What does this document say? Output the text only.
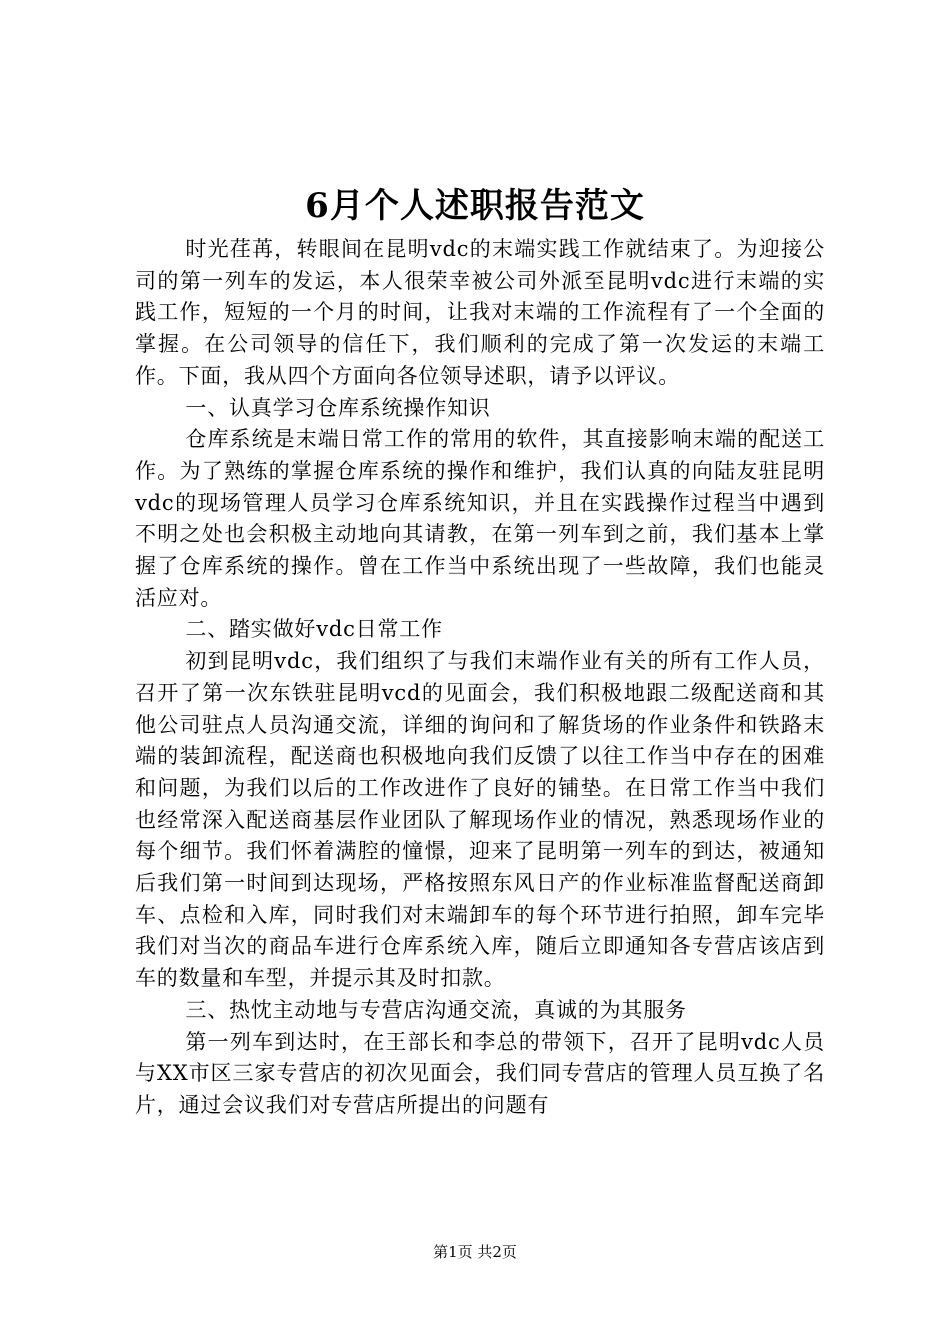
6月个人述职报告范文

时光荏苒，转眼间在昆明vdc的末端实践工作就结束了。为迎接公司的第一列车的发运，本人很荣幸被公司外派至昆明vdc进行末端的实践工作，短短的一个月的时间，让我对末端的工作流程有了一个全面的掌握。在公司领导的信任下，我们顺利的完成了第一次发运的末端工作。下面，我从四个方面向各位领导述职，请予以评议。

一、认真学习仓库系统操作知识

仓库系统是末端日常工作的常用的软件，其直接影响末端的配送工作。为了熟练的掌握仓库系统的操作和维护，我们认真的向陆友驻昆明vdc的现场管理人员学习仓库系统知识，并且在实践操作过程当中遇到不明之处也会积极主动地向其请教，在第一列车到之前，我们基本上掌握了仓库系统的操作。曾在工作当中系统出现了一些故障，我们也能灵活应对。

二、踏实做好vdc日常工作

初到昆明vdc，我们组织了与我们末端作业有关的所有工作人员，召开了第一次东铁驻昆明vcd的见面会，我们积极地跟二级配送商和其他公司驻点人员沟通交流，详细的询问和了解货场的作业条件和铁路末端的装卸流程，配送商也积极地向我们反馈了以往工作当中存在的困难和问题，为我们以后的工作改进作了良好的铺垫。在日常工作当中我们也经常深入配送商基层作业团队了解现场作业的情况，熟悉现场作业的每个细节。我们怀着满腔的憧憬，迎来了昆明第一列车的到达，被通知后我们第一时间到达现场，严格按照东风日产的作业标准监督配送商卸车、点检和入库，同时我们对末端卸车的每个环节进行拍照，卸车完毕我们对当次的商品车进行仓库系统入库，随后立即通知各专营店该店到车的数量和车型，并提示其及时扣款。

三、热忱主动地与专营店沟通交流，真诚的为其服务

第一列车到达时，在王部长和李总的带领下，召开了昆明vdc人员与XX市区三家专营店的初次见面会，我们同专营店的管理人员互换了名片，通过会议我们对专营店所提出的问题有

第1页 共2页
